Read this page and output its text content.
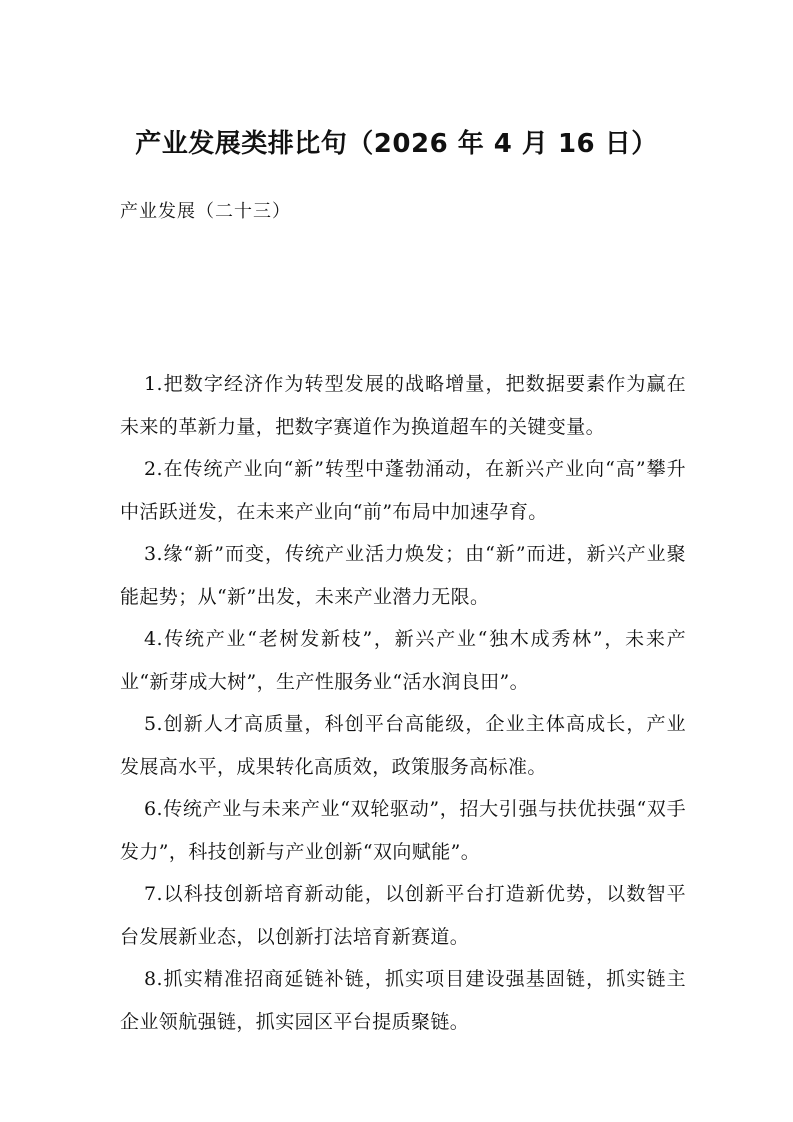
产业发展类排比句（2026 年 4 月 16 日）
产业发展（二十三）

1.把数字经济作为转型发展的战略增量，把数据要素作为赢在未来的革新力量，把数字赛道作为换道超车的关键变量。

2.在传统产业向“新”转型中蓬勃涌动，在新兴产业向“高”攀升中活跃迸发，在未来产业向“前”布局中加速孕育。

3.缘“新”而变，传统产业活力焕发；由“新”而进，新兴产业聚能起势；从“新”出发，未来产业潜力无限。

4.传统产业“老树发新枝”，新兴产业“独木成秀林”，未来产业“新芽成大树”，生产性服务业“活水润良田”。

5.创新人才高质量，科创平台高能级，企业主体高成长，产业发展高水平，成果转化高质效，政策服务高标准。

6.传统产业与未来产业“双轮驱动”，招大引强与扶优扶强“双手发力”，科技创新与产业创新“双向赋能”。

7.以科技创新培育新动能，以创新平台打造新优势，以数智平台发展新业态，以创新打法培育新赛道。

8.抓实精准招商延链补链，抓实项目建设强基固链，抓实链主企业领航强链，抓实园区平台提质聚链。
